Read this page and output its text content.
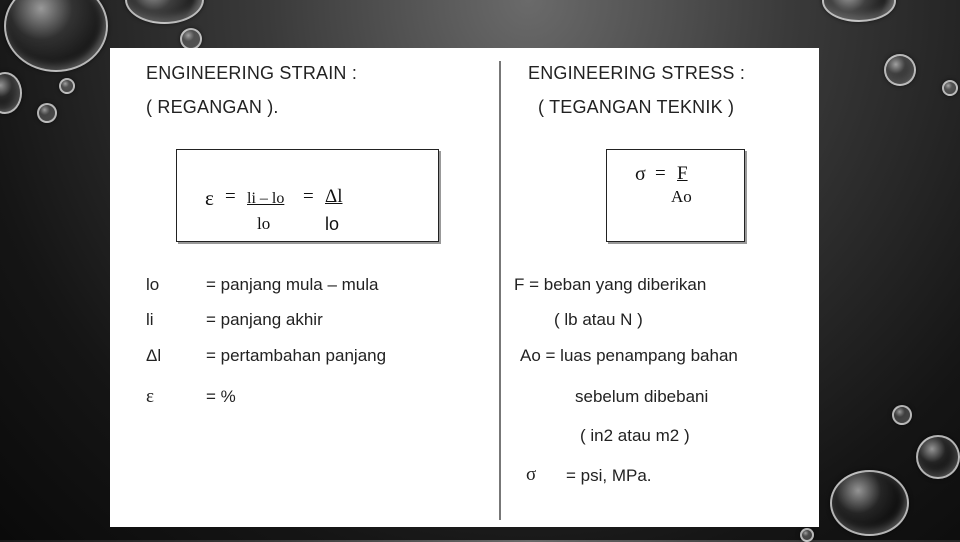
ENGINEERING STRAIN :
( REGANGAN ).
ε = li – lo = Δl
lo	lo
lo	= panjang mula – mula
li	= panjang akhir
Δl	= pertambahan panjang
ε	= %
ENGINEERING STRESS :
( TEGANGAN TEKNIK )
σ = F
Ao
F = beban yang diberikan
( lb atau N )
Ao = luas penampang bahan
sebelum dibebani
( in2 atau m2 )
σ = psi, MPa.
